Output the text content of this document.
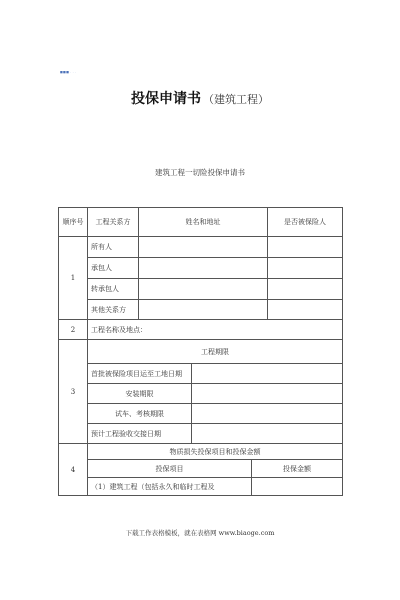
■■■ · · ·
投保申请书 （建筑工程）
建筑工程一切险投保申请书
顺序号	工程关系方	姓名和地址			是否被保险人	
1	所有人					
	承包人					
	转承包人					
	其他关系方					
2	工程名称及地点：					
3	工程期限					
	首批被保险项目运至工地日期					
	安装期限					
	试车、考核期限					
	预计工程验收交接日期					
4	物质损失投保项目和投保金额					
	投保项目			投保金额	
	（1）建筑工程（包括永久和临时工程及					
下载工作表格模板，就在表格网 www.biaoge.com
